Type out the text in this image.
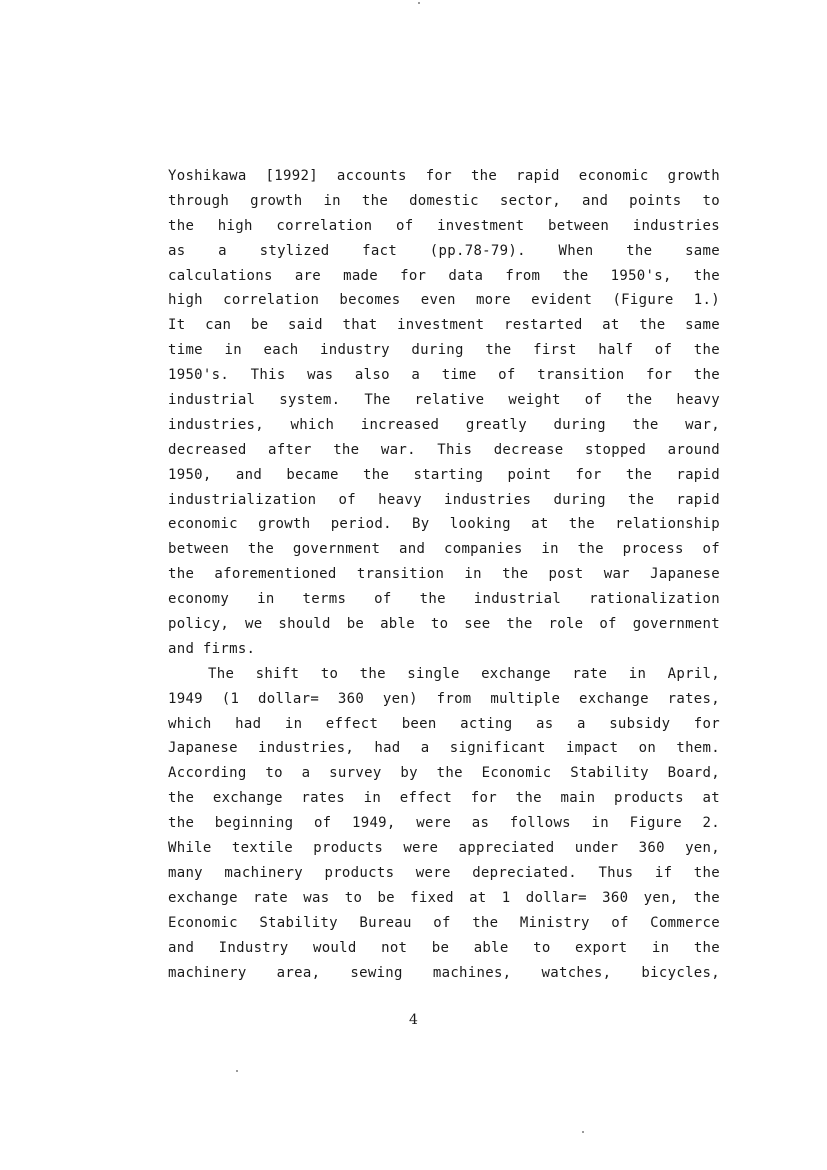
Yoshikawa [1992] accounts for the rapid economic growth
through growth in the domestic sector, and points to
the high correlation of investment between industries
as a stylized fact (pp.78-79). When the same
calculations are made for data from the 1950's, the
high correlation becomes even more evident (Figure 1.)
It can be said that investment restarted at the same
time in each industry during the first half of the
1950's. This was also a time of transition for the
industrial system. The relative weight of the heavy
industries, which increased greatly during the war,
decreased after the war. This decrease stopped around
1950, and became the starting point for the rapid
industrialization of heavy industries during the rapid
economic growth period. By looking at the relationship
between the government and companies in the process of
the aforementioned transition in the post war Japanese
economy in terms of the industrial rationalization
policy, we should be able to see the role of government
and firms.
The shift to the single exchange rate in April,
1949 (1 dollar= 360 yen) from multiple exchange rates,
which had in effect been acting as a subsidy for
Japanese industries, had a significant impact on them.
According to a survey by the Economic Stability Board,
the exchange rates in effect for the main products at
the beginning of 1949, were as follows in Figure 2.
While textile products were appreciated under 360 yen,
many machinery products were depreciated. Thus if the
exchange rate was to be fixed at 1 dollar= 360 yen, the
Economic Stability Bureau of the Ministry of Commerce
and Industry would not be able to export in the
machinery area, sewing machines, watches, bicycles,
4
